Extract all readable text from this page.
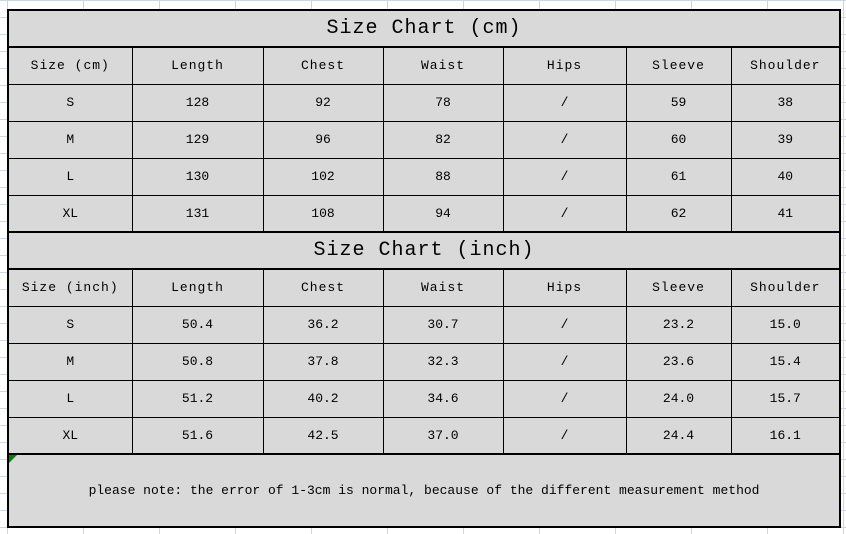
Size Chart (cm)						
Size (cm)	Length	Chest	Waist	Hips	Sleeve	Shoulder
S	128	92	78	/	59	38
M	129	96	82	/	60	39
L	130	102	88	/	61	40
XL	131	108	94	/	62	41
Size Chart (inch)						
Size (inch)	Length	Chest	Waist	Hips	Sleeve	Shoulder
S	50.4	36.2	30.7	/	23.2	15.0
M	50.8	37.8	32.3	/	23.6	15.4
L	51.2	40.2	34.6	/	24.0	15.7
XL	51.6	42.5	37.0	/	24.4	16.1

please note: the error of 1-3cm is normal, because of the different measurement method						
